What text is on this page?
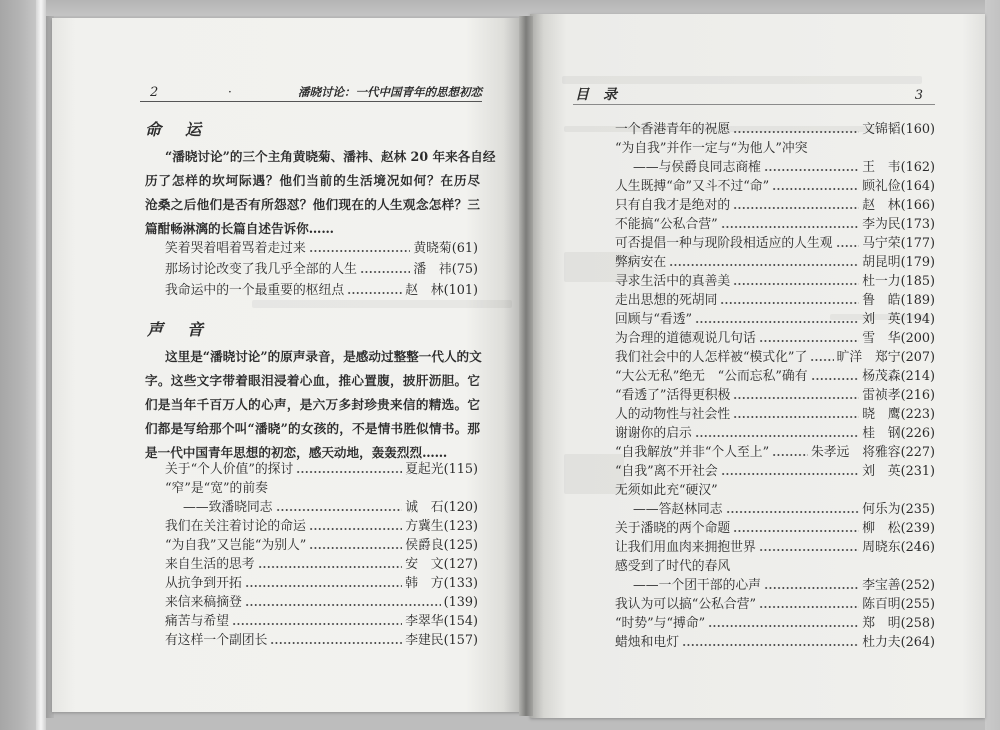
2	·	潘晓讨论：一代中国青年的思想初恋
命　运
“潘晓讨论”的三个主角黄晓菊、潘祎、赵林 20 年来各自经
历了怎样的坎坷际遇？他们当前的生活境况如何？在历尽
沧桑之后他们是否有所怨怼？他们现在的人生观念怎样？三
篇酣畅淋漓的长篇自述告诉你……
笑着哭着唱着骂着走过来	黄晓菊 (61)
那场讨论改变了我几乎全部的人生	潘　祎 (75)
我命运中的一个最重要的枢纽点	赵　林 (101)
声　音
这里是“潘晓讨论”的原声录音，是感动过整整一代人的文
字。这些文字带着眼泪浸着心血，推心置腹，披肝沥胆。它
们是当年千百万人的心声，是六万多封珍贵来信的精选。它
们都是写给那个叫“潘晓”的女孩的，不是情书胜似情书。那
是一代中国青年思想的初恋，感天动地，轰轰烈烈……
关于“个人价值”的探讨	夏起光 (115)
“窄”是“宽”的前奏
——致潘晓同志	诚　石 (120)
我们在关注着讨论的命运	方冀生 (123)
“为自我”又岂能“为别人”	侯爵良 (125)
来自生活的思考	安　文 (127)
从抗争到开拓	韩　方 (133)
来信来稿摘登	(139)
痛苦与希望	李翠华 (154)
有这样一个副团长	李建民 (157)
目　录	3
一个香港青年的祝愿	文锦韬 (160)
“为自我”并作一定与“为他人”冲突
——与侯爵良同志商榷	王　韦 (162)
人生既搏“命”又斗不过“命”	顾礼俭 (164)
只有自我才是绝对的	赵　林 (166)
不能搞“公私合营”	李为民 (173)
可否提倡一种与现阶段相适应的人生观 马宁荣 (177)
弊病安在	胡昆明 (179)
寻求生活中的真善美	杜一力 (185)
走出思想的死胡同	鲁　皓 (189)
回顾与“看透”	刘　英 (194)
为合理的道德观说几句话	雪　华 (200)
我们社会中的人怎样被“模式化”了 旷洋　郑宁 (207)
“大公无私”绝无　“公而忘私”确有	杨茂森 (214)
“看透了”活得更积极	雷祯孝 (216)
人的动物性与社会性	晓　鹰 (223)
谢谢你的启示	桂　钢 (226)
“自我解放”并非“个人至上”	朱孝远　将雅容 (227)
“自我”离不开社会	刘　英 (231)
无须如此充“硬汉”
——答赵林同志	何乐为 (235)
关于潘晓的两个命题	柳　松 (239)
让我们用血肉来拥抱世界	周晓东 (246)
感受到了时代的春风
——一个团干部的心声	李宝善 (252)
我认为可以搞“公私合营”	陈百明 (255)
“时势”与“搏命”	郑　明 (258)
蜡烛和电灯	杜力夫 (264)
